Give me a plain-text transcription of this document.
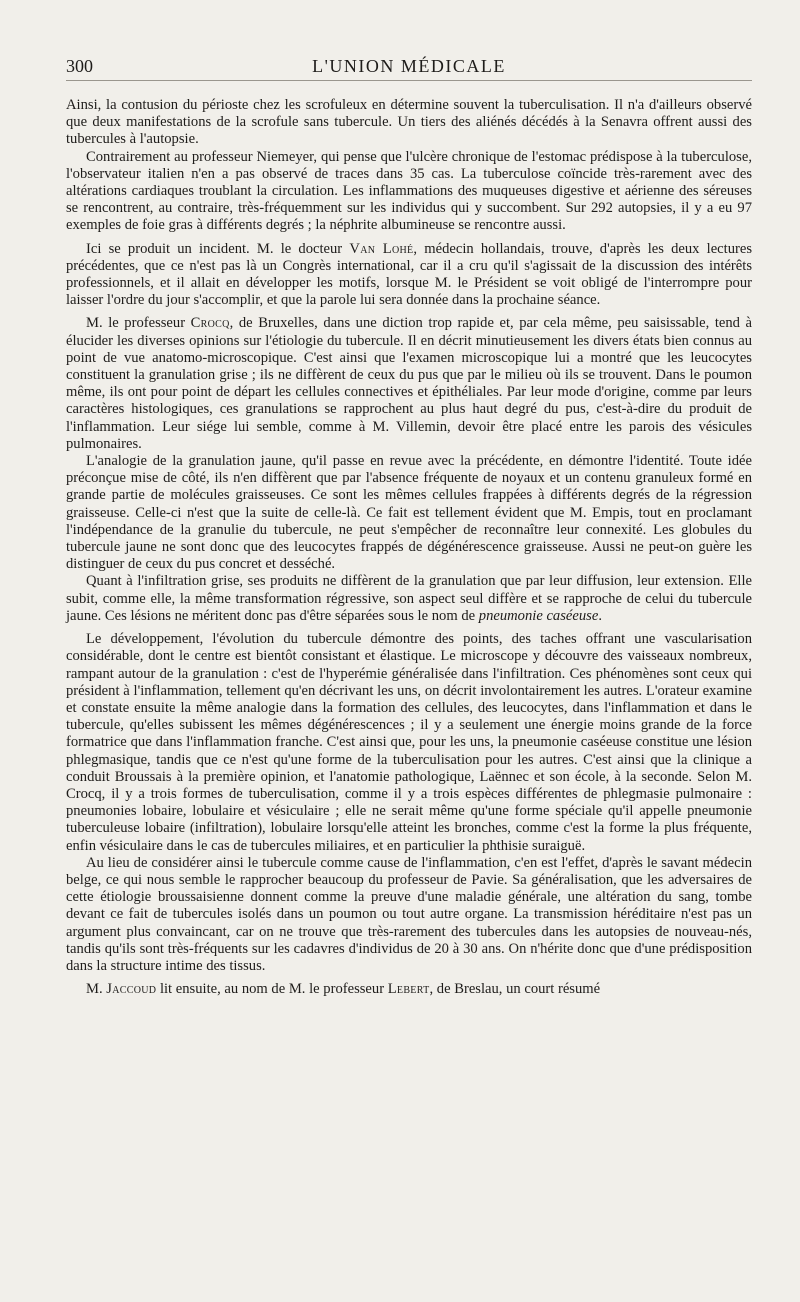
300	L'UNION MÉDICALE

Ainsi, la contusion du périoste chez les scrofuleux en détermine souvent la tuberculisation. Il n'a d'ailleurs observé que deux manifestations de la scrofule sans tubercule. Un tiers des aliénés décédés à la Senavra offrent aussi des tubercules à l'autopsie.

Contrairement au professeur Niemeyer, qui pense que l'ulcère chronique de l'estomac prédispose à la tuberculose, l'observateur italien n'en a pas observé de traces dans 35 cas. La tuberculose coïncide très-rarement avec des altérations cardiaques troublant la circulation. Les inflammations des muqueuses digestive et aérienne des séreuses se rencontrent, au contraire, très-fréquemment sur les individus qui y succombent. Sur 292 autopsies, il y a eu 97 exemples de foie gras à différents degrés ; la néphrite albumineuse se rencontre aussi.

Ici se produit un incident. M. le docteur Van Lohé, médecin hollandais, trouve, d'après les deux lectures précédentes, que ce n'est pas là un Congrès international, car il a cru qu'il s'agissait de la discussion des intérêts professionnels, et il allait en développer les motifs, lorsque M. le Président se voit obligé de l'interrompre pour laisser l'ordre du jour s'accomplir, et que la parole lui sera donnée dans la prochaine séance.

M. le professeur Crocq, de Bruxelles, dans une diction trop rapide et, par cela même, peu saisissable, tend à élucider les diverses opinions sur l'étiologie du tubercule. Il en décrit minutieusement les divers états bien connus au point de vue anatomo-microscopique. C'est ainsi que l'examen microscopique lui a montré que les leucocytes constituent la granulation grise ; ils ne diffèrent de ceux du pus que par le milieu où ils se trouvent. Dans le poumon même, ils ont pour point de départ les cellules connectives et épithéliales. Par leur mode d'origine, comme par leurs caractères histologiques, ces granulations se rapprochent au plus haut degré du pus, c'est-à-dire du produit de l'inflammation. Leur siége lui semble, comme à M. Villemin, devoir être placé entre les parois des vésicules pulmonaires.

L'analogie de la granulation jaune, qu'il passe en revue avec la précédente, en démontre l'identité. Toute idée préconçue mise de côté, ils n'en diffèrent que par l'absence fréquente de noyaux et un contenu granuleux formé en grande partie de molécules graisseuses. Ce sont les mêmes cellules frappées à différents degrés de la régression graisseuse. Celle-ci n'est que la suite de celle-là. Ce fait est tellement évident que M. Empis, tout en proclamant l'indépendance de la granulie du tubercule, ne peut s'empêcher de reconnaître leur connexité. Les globules du tubercule jaune ne sont donc que des leucocytes frappés de dégénérescence graisseuse. Aussi ne peut-on guère les distinguer de ceux du pus concret et desséché.

Quant à l'infiltration grise, ses produits ne diffèrent de la granulation que par leur diffusion, leur extension. Elle subit, comme elle, la même transformation régressive, son aspect seul diffère et se rapproche de celui du tubercule jaune. Ces lésions ne méritent donc pas d'être séparées sous le nom de pneumonie caséeuse.

Le développement, l'évolution du tubercule démontre des points, des taches offrant une vascularisation considérable, dont le centre est bientôt consistant et élastique. Le microscope y découvre des vaisseaux nombreux, rampant autour de la granulation : c'est de l'hyperémie généralisée dans l'infiltration. Ces phénomènes sont ceux qui président à l'inflammation, tellement qu'en décrivant les uns, on décrit involontairement les autres. L'orateur examine et constate ensuite la même analogie dans la formation des cellules, des leucocytes, dans l'inflammation et dans le tubercule, qu'elles subissent les mêmes dégénérescences ; il y a seulement une énergie moins grande de la force formatrice que dans l'inflammation franche. C'est ainsi que, pour les uns, la pneumonie caséeuse constitue une lésion phlegmasique, tandis que ce n'est qu'une forme de la tuberculisation pour les autres. C'est ainsi que la clinique a conduit Broussais à la première opinion, et l'anatomie pathologique, Laënnec et son école, à la seconde. Selon M. Crocq, il y a trois formes de tuberculisation, comme il y a trois espèces différentes de phlegmasie pulmonaire : pneumonies lobaire, lobulaire et vésiculaire ; elle ne serait même qu'une forme spéciale qu'il appelle pneumonie tuberculeuse lobaire (infiltration), lobulaire lorsqu'elle atteint les bronches, comme c'est la forme la plus fréquente, enfin vésiculaire dans le cas de tubercules miliaires, et en particulier la phthisie suraiguë.

Au lieu de considérer ainsi le tubercule comme cause de l'inflammation, c'en est l'effet, d'après le savant médecin belge, ce qui nous semble le rapprocher beaucoup du professeur de Pavie. Sa généralisation, que les adversaires de cette étiologie broussaisienne donnent comme la preuve d'une maladie générale, une altération du sang, tombe devant ce fait de tubercules isolés dans un poumon ou tout autre organe. La transmission héréditaire n'est pas un argument plus convaincant, car on ne trouve que très-rarement des tubercules dans les autopsies de nouveau-nés, tandis qu'ils sont très-fréquents sur les cadavres d'individus de 20 à 30 ans. On n'hérite donc que d'une prédisposition dans la structure intime des tissus.

M. Jaccoud lit ensuite, au nom de M. le professeur Lebert, de Breslau, un court résumé
